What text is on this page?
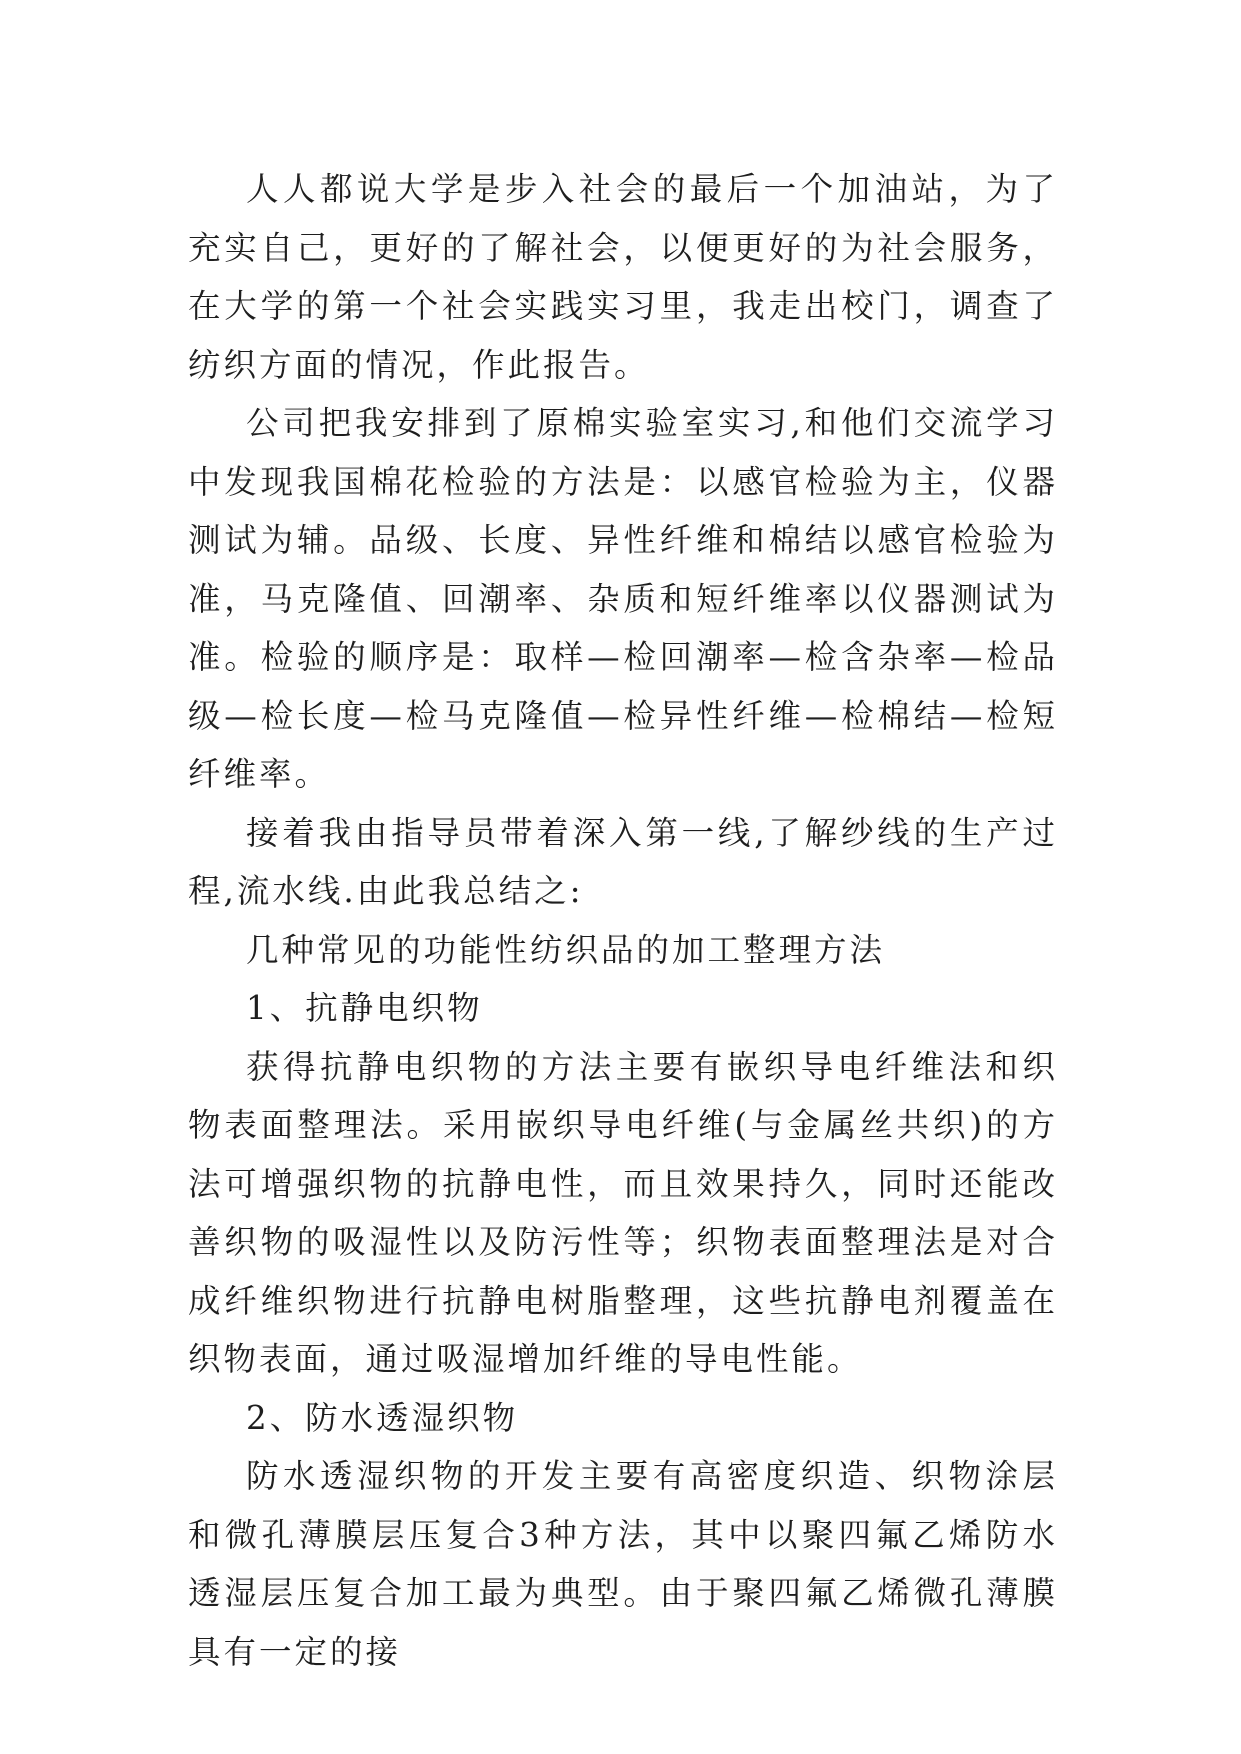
人人都说大学是步入社会的最后一个加油站，为了充实自己，更好的了解社会，以便更好的为社会服务，在大学的第一个社会实践实习里，我走出校门，调查了纺织方面的情况，作此报告。

公司把我安排到了原棉实验室实习,和他们交流学习中发现我国棉花检验的方法是：以感官检验为主，仪器测试为辅。品级、长度、异性纤维和棉结以感官检验为准，马克隆值、回潮率、杂质和短纤维率以仪器测试为准。检验的顺序是：取样—检回潮率—检含杂率—检品级—检长度—检马克隆值—检异性纤维—检棉结—检短纤维率。

接着我由指导员带着深入第一线,了解纱线的生产过程,流水线.由此我总结之:

几种常见的功能性纺织品的加工整理方法

1、抗静电织物

获得抗静电织物的方法主要有嵌织导电纤维法和织物表面整理法。采用嵌织导电纤维(与金属丝共织)的方法可增强织物的抗静电性，而且效果持久，同时还能改善织物的吸湿性以及防污性等；织物表面整理法是对合成纤维织物进行抗静电树脂整理，这些抗静电剂覆盖在织物表面，通过吸湿增加纤维的导电性能。

2、防水透湿织物

防水透湿织物的开发主要有高密度织造、织物涂层和微孔薄膜层压复合3种方法，其中以聚四氟乙烯防水透湿层压复合加工最为典型。由于聚四氟乙烯微孔薄膜具有一定的接
